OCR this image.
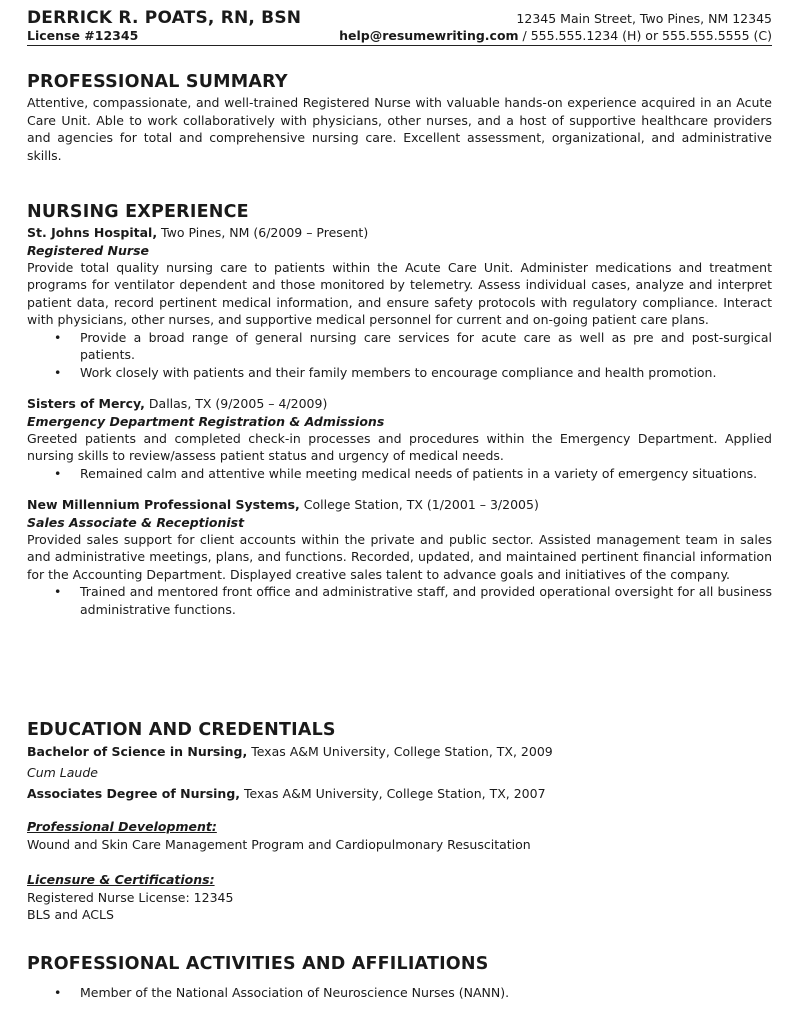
DERRICK R. POATS, RN, BSN	12345 Main Street, Two Pines, NM 12345
License #12345	help@resumewriting.com / 555.555.1234 (H) or 555.555.5555 (C)
PROFESSIONAL SUMMARY

Attentive, compassionate, and well-trained Registered Nurse with valuable hands-on experience acquired in an Acute Care Unit. Able to work collaboratively with physicians, other nurses, and a host of supportive healthcare providers and agencies for total and comprehensive nursing care. Excellent assessment, organizational, and administrative skills.

NURSING EXPERIENCE
St. Johns Hospital, Two Pines, NM (6/2009 – Present)
Registered Nurse

Provide total quality nursing care to patients within the Acute Care Unit. Administer medications and treatment programs for ventilator dependent and those monitored by telemetry. Assess individual cases, analyze and interpret patient data, record pertinent medical information, and ensure safety protocols with regulatory compliance. Interact with physicians, other nurses, and supportive medical personnel for current and on-going patient care plans.

• Provide a broad range of general nursing care services for acute care as well as pre and post-surgical patients.
• Work closely with patients and their family members to encourage compliance and health promotion.
Sisters of Mercy, Dallas, TX (9/2005 – 4/2009)
Emergency Department Registration & Admissions

Greeted patients and completed check-in processes and procedures within the Emergency Department. Applied nursing skills to review/assess patient status and urgency of medical needs.

• Remained calm and attentive while meeting medical needs of patients in a variety of emergency situations.
New Millennium Professional Systems, College Station, TX (1/2001 – 3/2005)
Sales Associate & Receptionist

Provided sales support for client accounts within the private and public sector. Assisted management team in sales and administrative meetings, plans, and functions. Recorded, updated, and maintained pertinent financial information for the Accounting Department. Displayed creative sales talent to advance goals and initiatives of the company.

• Trained and mentored front office and administrative staff, and provided operational oversight for all business administrative functions.
EDUCATION AND CREDENTIALS
Bachelor of Science in Nursing, Texas A&M University, College Station, TX, 2009
Cum Laude
Associates Degree of Nursing, Texas A&M University, College Station, TX, 2007
Professional Development:
Wound and Skin Care Management Program and Cardiopulmonary Resuscitation
Licensure & Certifications:
Registered Nurse License: 12345
BLS and ACLS
PROFESSIONAL ACTIVITIES AND AFFILIATIONS
• Member of the National Association of Neuroscience Nurses (NANN).
